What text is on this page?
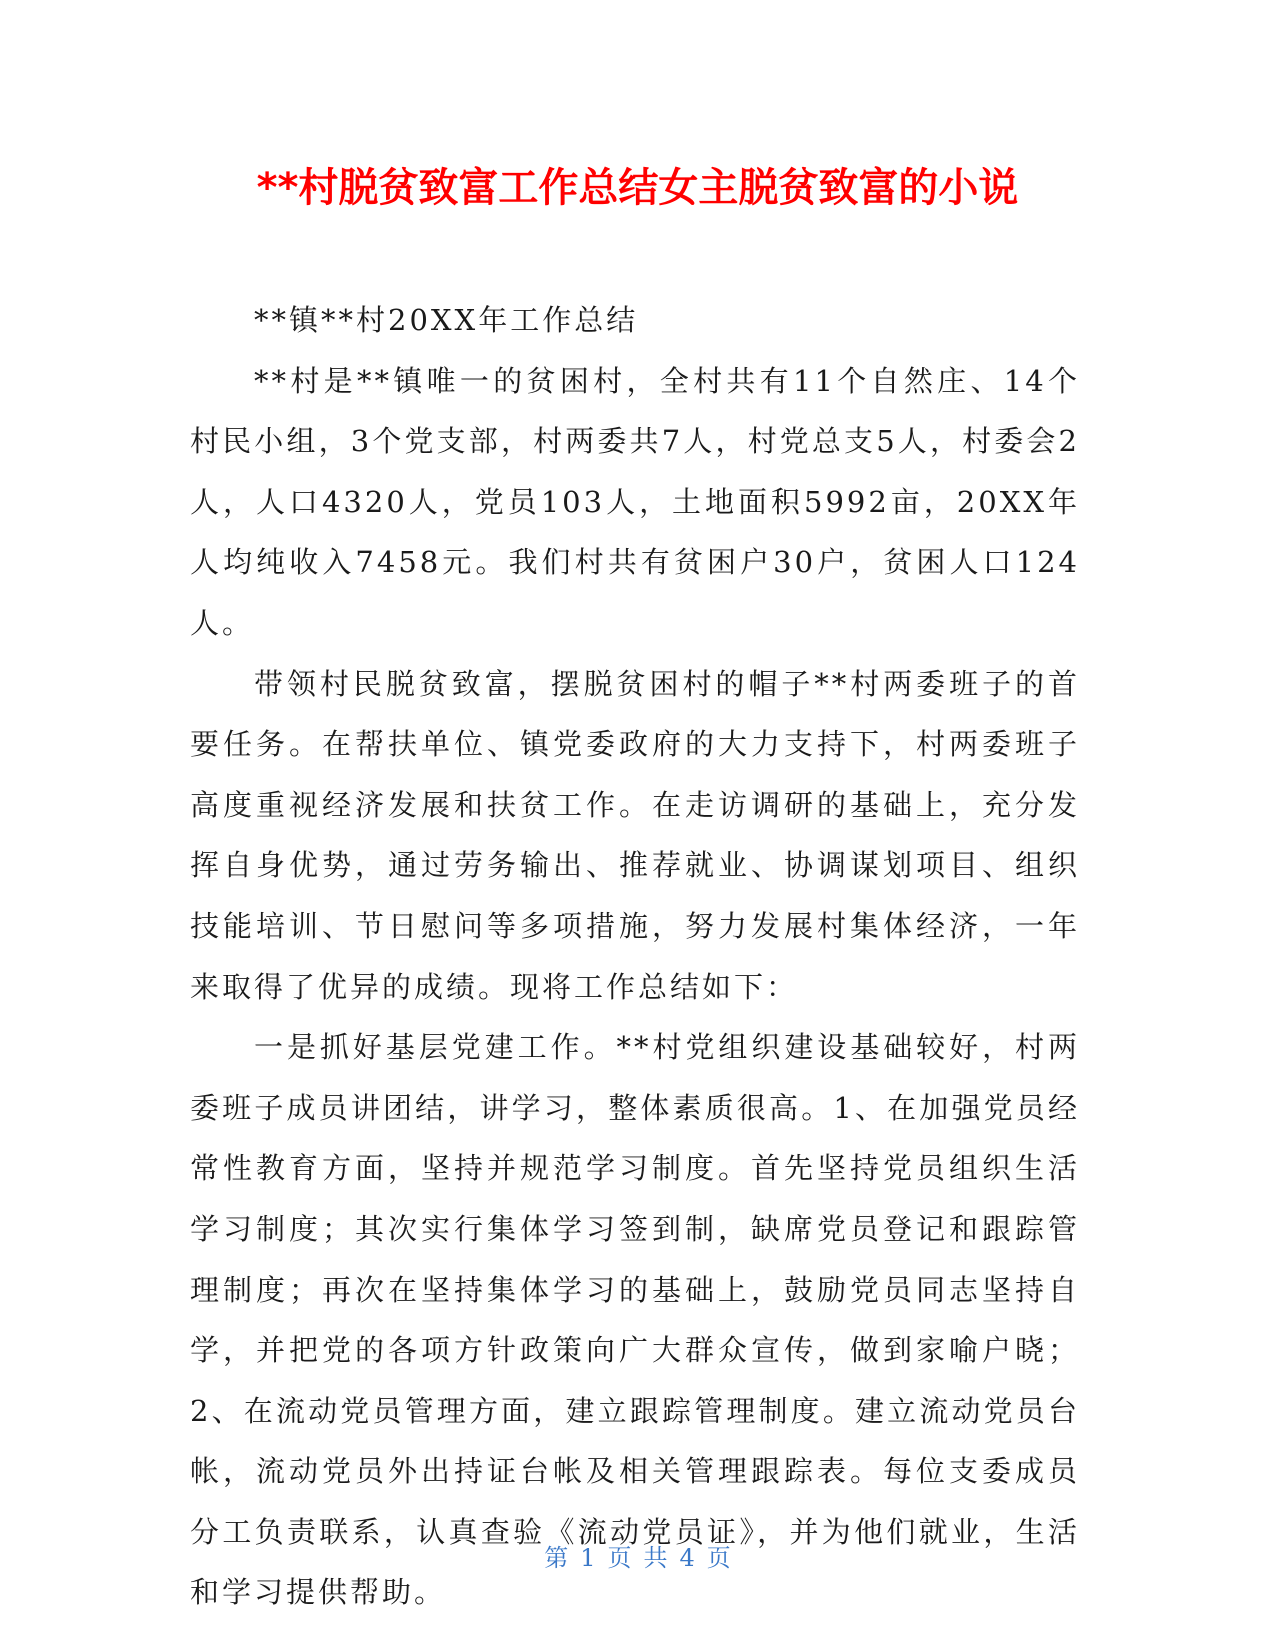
**村脱贫致富工作总结女主脱贫致富的小说

**镇**村20XX年工作总结

**村是**镇唯一的贫困村，全村共有11个自然庄、14个村民小组，3个党支部，村两委共7人，村党总支5人，村委会2人，人口4320人，党员103人，土地面积5992亩，20XX年人均纯收入7458元。我们村共有贫困户30户，贫困人口124人。

带领村民脱贫致富，摆脱贫困村的帽子**村两委班子的首要任务。在帮扶单位、镇党委政府的大力支持下，村两委班子高度重视经济发展和扶贫工作。在走访调研的基础上，充分发挥自身优势，通过劳务输出、推荐就业、协调谋划项目、组织技能培训、节日慰问等多项措施，努力发展村集体经济，一年来取得了优异的成绩。现将工作总结如下：

一是抓好基层党建工作。**村党组织建设基础较好，村两委班子成员讲团结，讲学习，整体素质很高。1、在加强党员经常性教育方面，坚持并规范学习制度。首先坚持党员组织生活学习制度；其次实行集体学习签到制，缺席党员登记和跟踪管理制度；再次在坚持集体学习的基础上，鼓励党员同志坚持自学，并把党的各项方针政策向广大群众宣传，做到家喻户晓；2、在流动党员管理方面，建立跟踪管理制度。建立流动党员台帐，流动党员外出持证台帐及相关管理跟踪表。每位支委成员分工负责联系，认真查验《流动党员证》，并为他们就业，生活和学习提供帮助。

第 1 页 共 4 页
